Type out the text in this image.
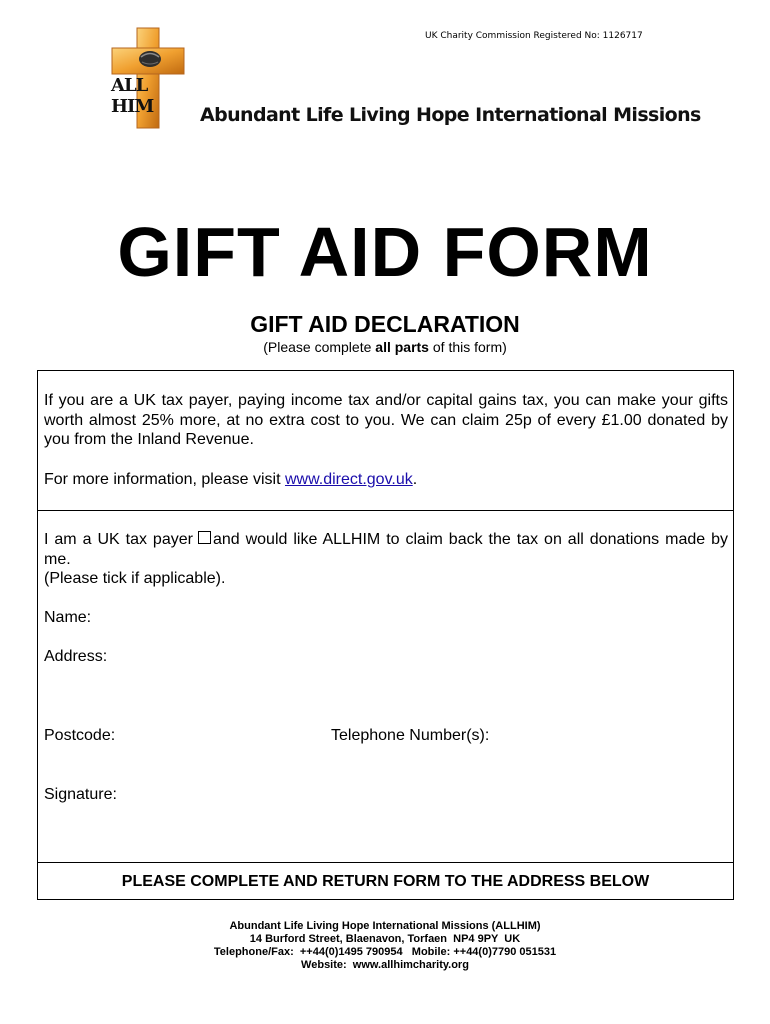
UK Charity Commission Registered No: 1126717
ALLHIM	Abundant Life Living Hope International Missions
GIFT AID FORM
GIFT AID DECLARATION
(Please complete all parts of this form)
If you are a UK tax payer, paying income tax and/or capital gains tax, you can make your gifts worth almost 25% more, at no extra cost to you. We can claim 25p of every £1.00 donated by you from the Inland Revenue.
For more information, please visit www.direct.gov.uk.
I am a UK tax payer and would like ALLHIM to claim back the tax on all donations made by me.
(Please tick if applicable).
Name:
Address:
Postcode:	Telephone Number(s):
Signature:
PLEASE COMPLETE AND RETURN FORM TO THE ADDRESS BELOW
Abundant Life Living Hope International Missions (ALLHIM)
14 Burford Street, Blaenavon, Torfaen  NP4 9PY  UK
Telephone/Fax:  ++44(0)1495 790954   Mobile: ++44(0)7790 051531
Website:  www.allhimcharity.org
